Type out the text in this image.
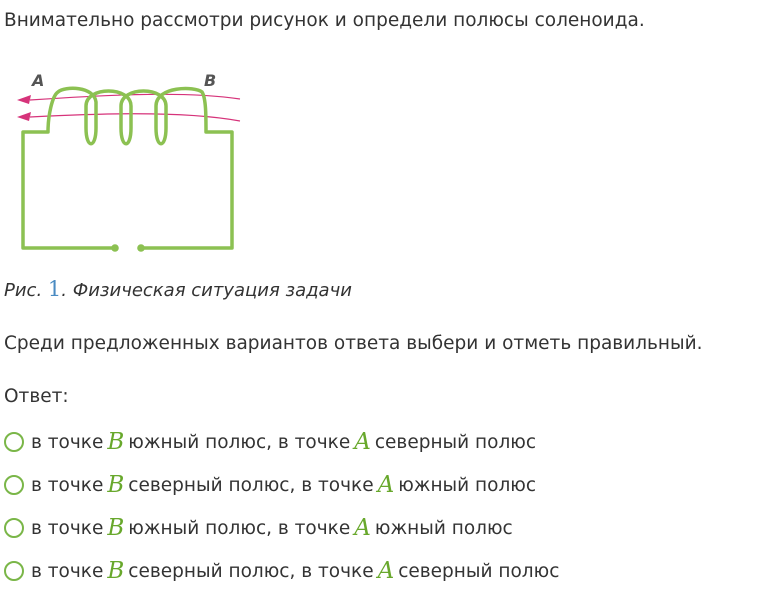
Внимательно рассмотри рисунок и определи полюсы соленоида.
A	B
Рис. 1. Физическая ситуация задачи
Среди предложенных вариантов ответа выбери и отметь правильный.
Ответ:
в точке B южный полюс, в точке A северный полюс
в точке B северный полюс, в точке A южный полюс
в точке B южный полюс, в точке A южный полюс
в точке B северный полюс, в точке A северный полюс
